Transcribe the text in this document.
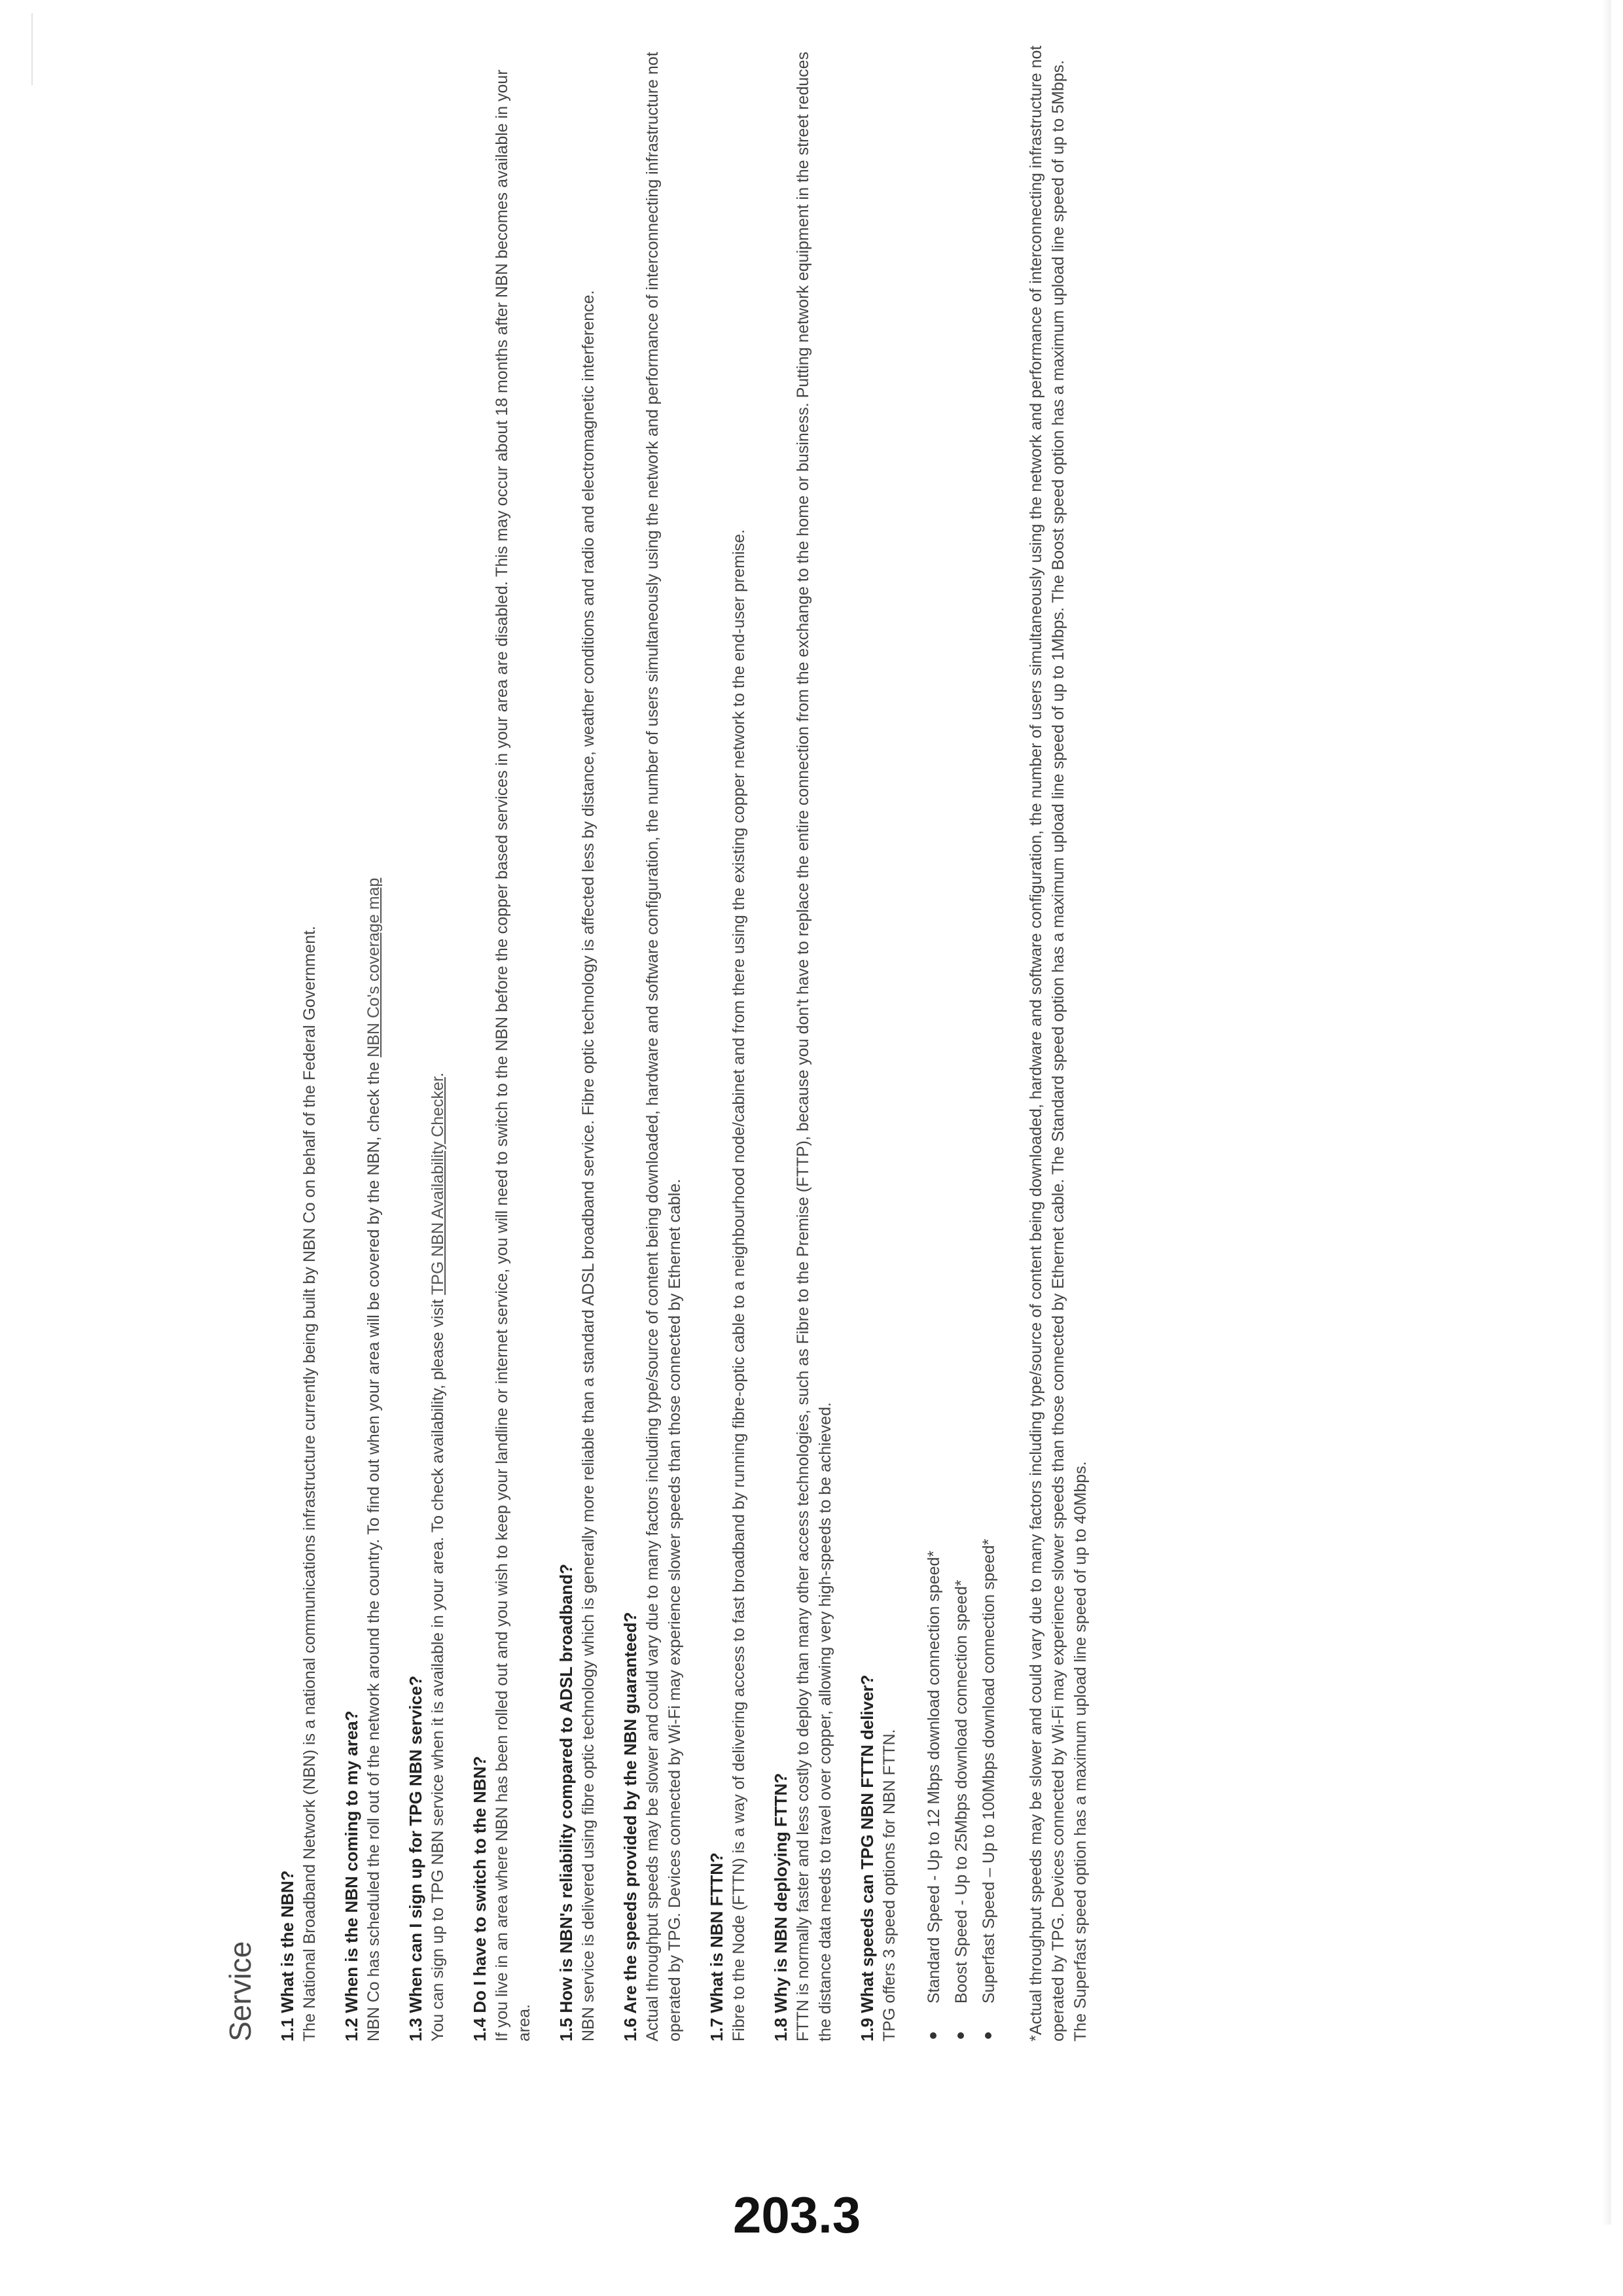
Service 1.1 What is the NBN? The National Broadband Network (NBN) is a national communications infrastructure currently being built by NBN Co on behalf of the Federal Government. 1.2 When is the NBN coming to my area? NBN Co has scheduled the roll out of the network around the country. To find out when your area will be covered by the NBN, check the NBN Co's coverage map
1.3 When can I sign up for TPG NBN service? You can sign up to TPG NBN service when it is available in your area. To check availability, please visit TPG NBN Availability Checker.
1.4 Do I have to switch to the NBN? If you live in an area where NBN has been rolled out and you wish to keep your landline or internet service, you will need to switch to the NBN before the copper based services in your area are disabled. This may occur about 18 months after NBN becomes available in your area. 1.5 How is NBN's reliability compared to ADSL broadband? NBN service is delivered using fibre optic technology which is generally more reliable than a standard ADSL broadband service. Fibre optic technology is affected less by distance, weather conditions and radio and electromagnetic interference. 1.6 Are the speeds provided by the NBN guaranteed? Actual throughput speeds may be slower and could vary due to many factors including type/source of content being downloaded, hardware and software configuration, the number of users simultaneously using the network and performance of interconnecting infrastructure not operated by TPG. Devices connected by Wi-Fi may experience slower speeds than those connected by Ethernet cable. 1.7 What is NBN FTTN? Fibre to the Node (FTTN) is a way of delivering access to fast broadband by running fibre-optic cable to a neighbourhood node/cabinet and from there using the existing copper network to the end-user premise. 1.8 Why is NBN deploying FTTN? FTTN is normally faster and less costly to deploy than many other access technologies, such as Fibre to the Premise (FTTP), because you don't have to replace the entire connection from the exchange to the home or business. Putting network equipment in the street reduces the distance data needs to travel over copper, allowing very high-speeds to be achieved. 1.9 What speeds can TPG NBN FTTN deliver? TPG offers 3 speed options for NBN FTTN. Standard Speed - Up to 12 Mbps download connection speed* Boost Speed - Up to 25Mbps download connection speed* Superfast Speed – Up to 100Mbps download connection speed* *Actual throughput speeds may be slower and could vary due to many factors including type/source of content being downloaded, hardware and software configuration, the number of users simultaneously using the network and performance of interconnecting infrastructure not operated by TPG. Devices connected by Wi-Fi may experience slower speeds than those connected by Ethernet cable. The Standard speed option has a maximum upload line speed of up to 1Mbps. The Boost speed option has a maximum upload line speed of up to 5Mbps. The Superfast speed option has a maximum upload line speed of up to 40Mbps.
203.3
